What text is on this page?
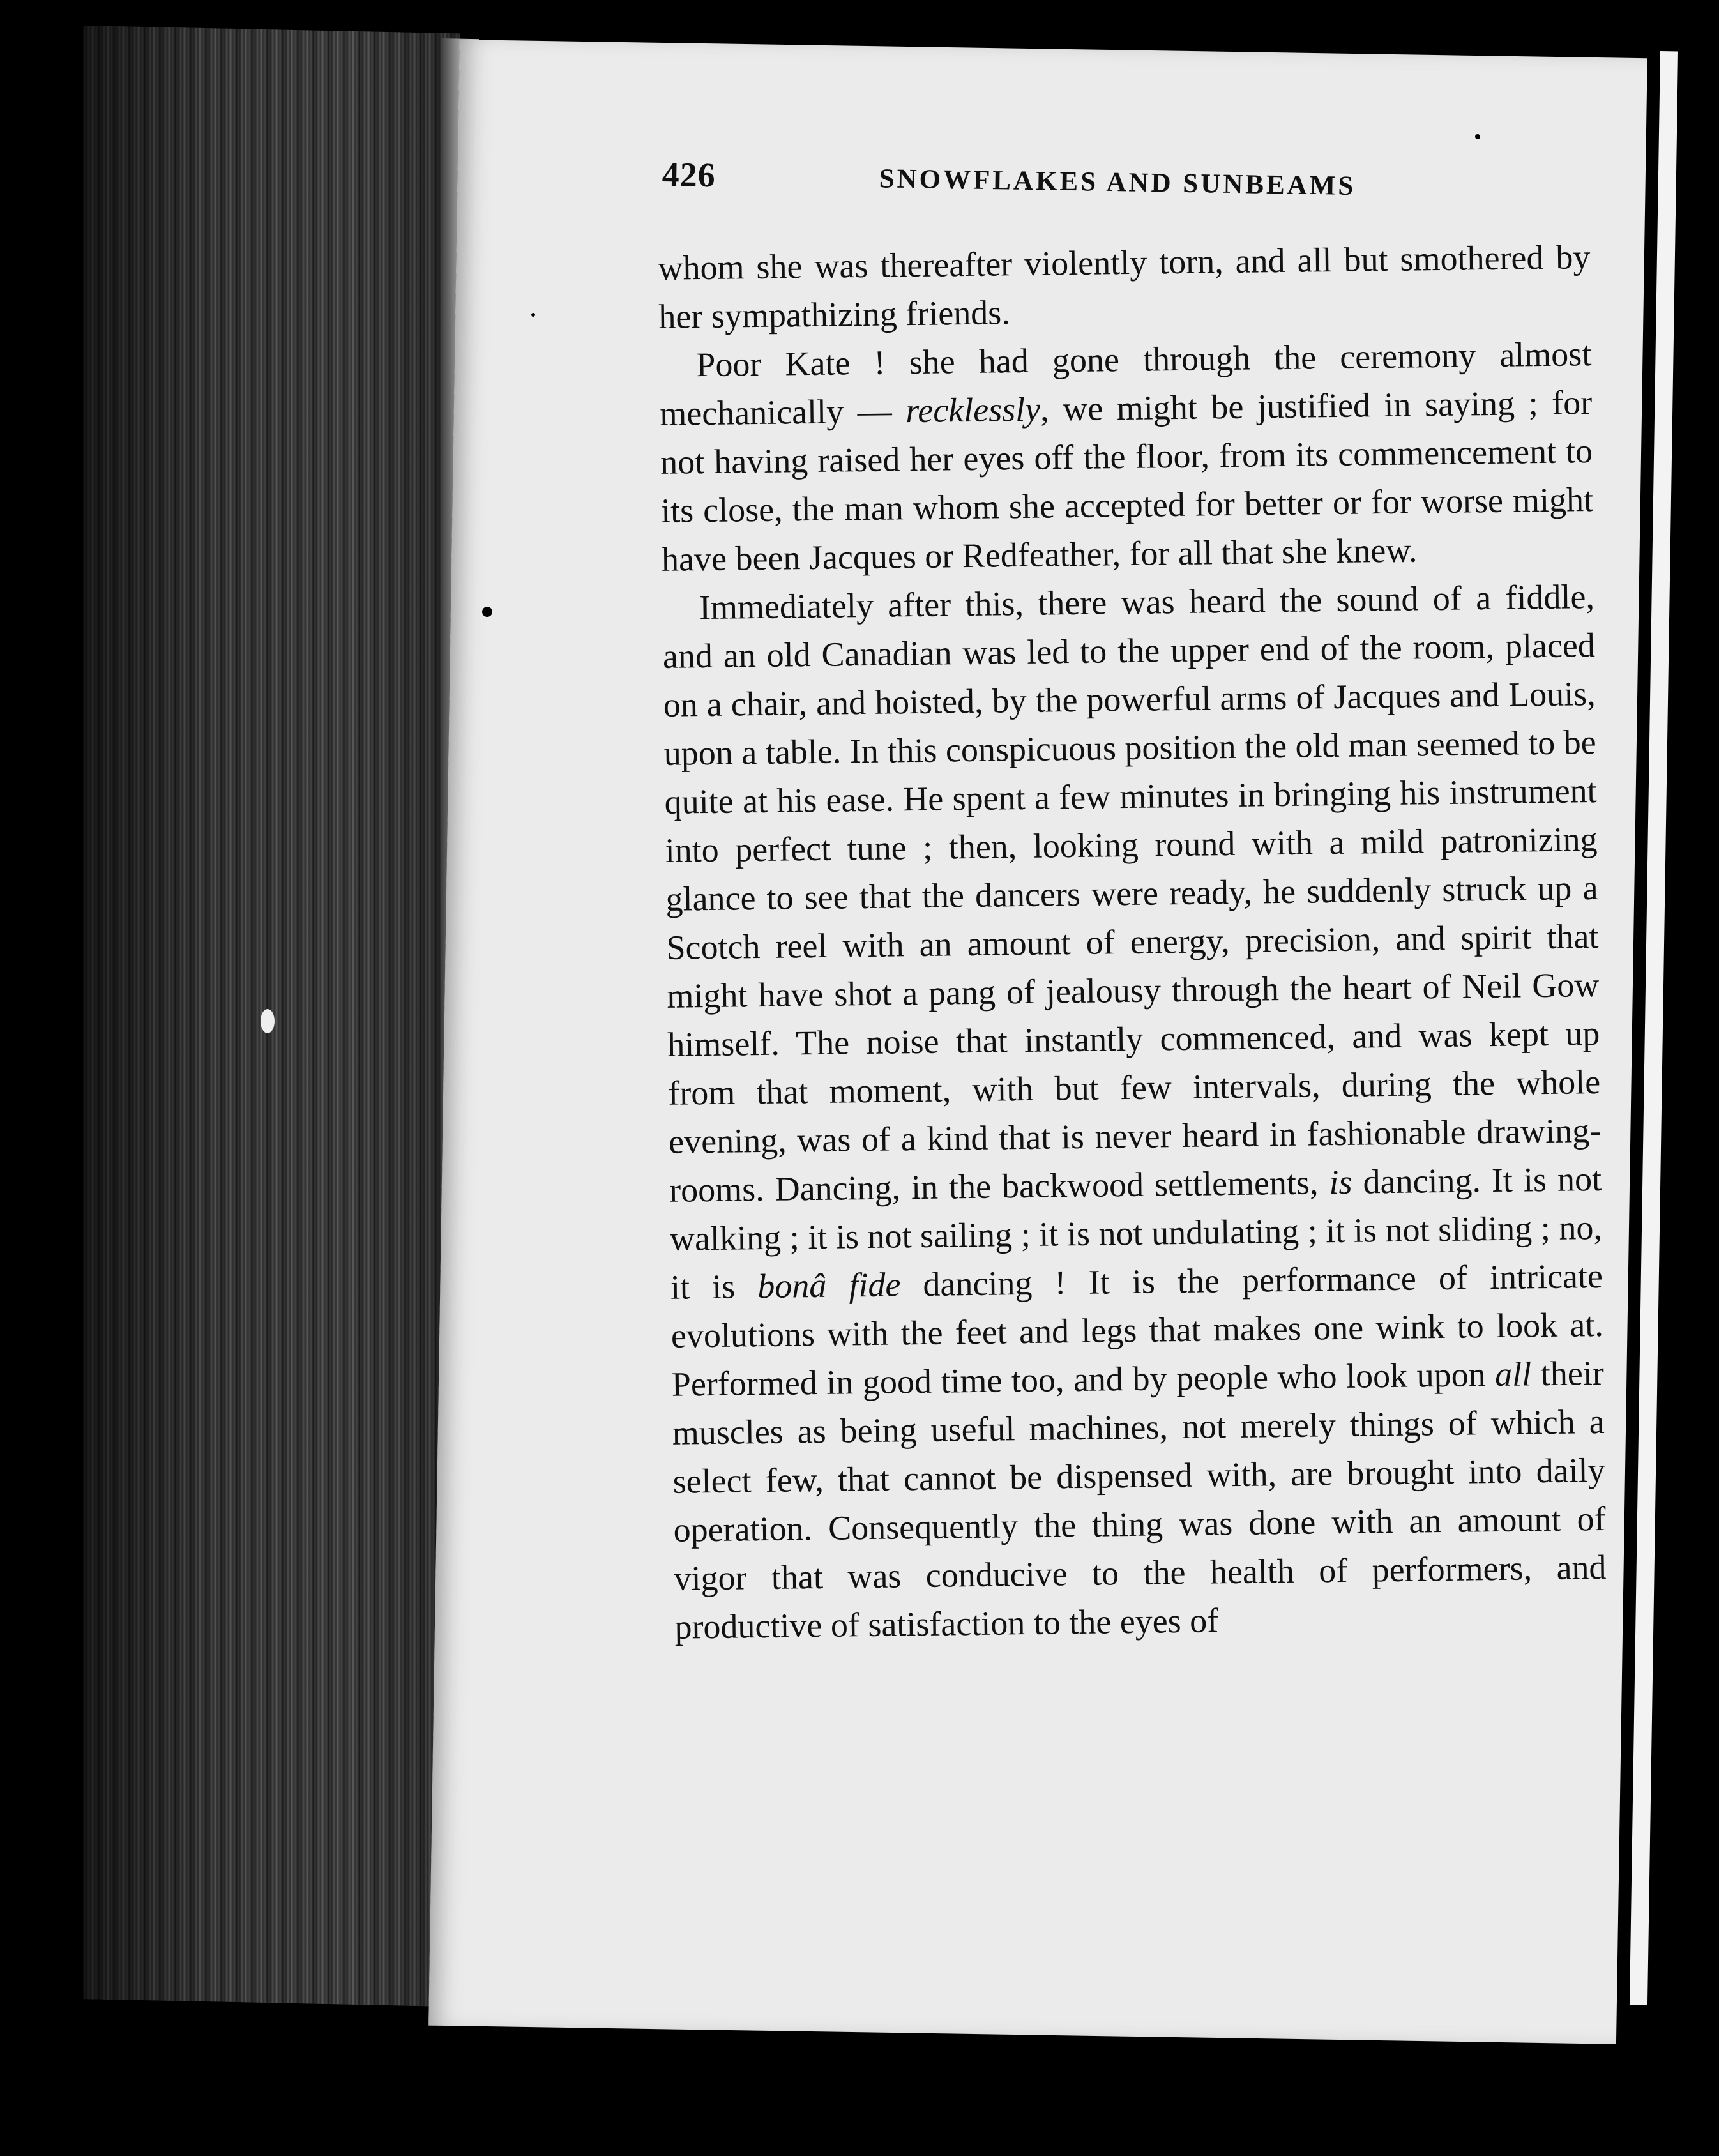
426	SNOWFLAKES AND SUNBEAMS

whom she was thereafter violently torn, and all but smothered by her sympathizing friends.

Poor Kate ! she had gone through the ceremony almost mechanically — recklessly, we might be justified in saying ; for not having raised her eyes off the floor, from its commencement to its close, the man whom she accepted for better or for worse might have been Jacques or Redfeather, for all that she knew.

Immediately after this, there was heard the sound of a fiddle, and an old Canadian was led to the upper end of the room, placed on a chair, and hoisted, by the powerful arms of Jacques and Louis, upon a table. In this conspicuous position the old man seemed to be quite at his ease. He spent a few minutes in bringing his instrument into perfect tune ; then, looking round with a mild patronizing glance to see that the dancers were ready, he suddenly struck up a Scotch reel with an amount of energy, precision, and spirit that might have shot a pang of jealousy through the heart of Neil Gow himself. The noise that instantly commenced, and was kept up from that moment, with but few intervals, during the whole evening, was of a kind that is never heard in fashionable drawing-rooms. Dancing, in the backwood settlements, is dancing. It is not walking ; it is not sailing ; it is not undulating ; it is not sliding ; no, it is bonâ fide dancing ! It is the performance of intricate evolutions with the feet and legs that makes one wink to look at. Performed in good time too, and by people who look upon all their muscles as being useful machines, not merely things of which a select few, that cannot be dispensed with, are brought into daily operation. Consequently the thing was done with an amount of vigor that was conducive to the health of performers, and productive of satisfaction to the eyes of
